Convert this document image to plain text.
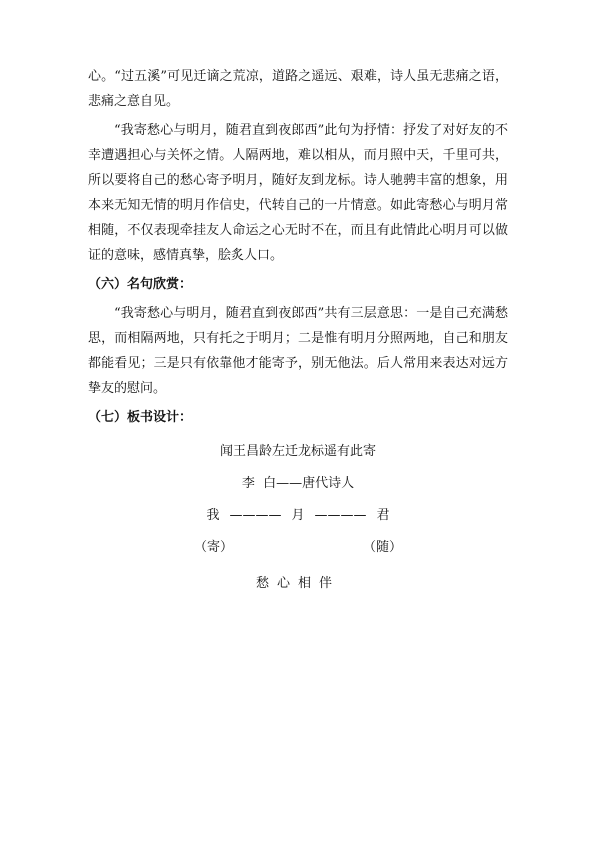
心。“过五溪”可见迁谪之荒凉，道路之遥远、艰难，诗人虽无悲痛之语，悲痛之意自见。

“我寄愁心与明月，随君直到夜郎西”此句为抒情：抒发了对好友的不幸遭遇担心与关怀之情。人隔两地，难以相从，而月照中天，千里可共，所以要将自己的愁心寄予明月，随好友到龙标。诗人驰骋丰富的想象，用本来无知无情的明月作信史，代转自己的一片情意。如此寄愁心与明月常相随，不仅表现牵挂友人命运之心无时不在，而且有此情此心明月可以做证的意味，感情真挚，脍炙人口。

（六）名句欣赏：

“我寄愁心与明月，随君直到夜郎西”共有三层意思：一是自己充满愁思，而相隔两地，只有托之于明月；二是惟有明月分照两地，自己和朋友都能看见；三是只有依靠他才能寄予，别无他法。后人常用来表达对远方挚友的慰问。

（七）板书设计：
闻王昌龄左迁龙标遥有此寄
李  白——唐代诗人
我 ———— 月 ———— 君
（寄）	（随）
愁心相伴
